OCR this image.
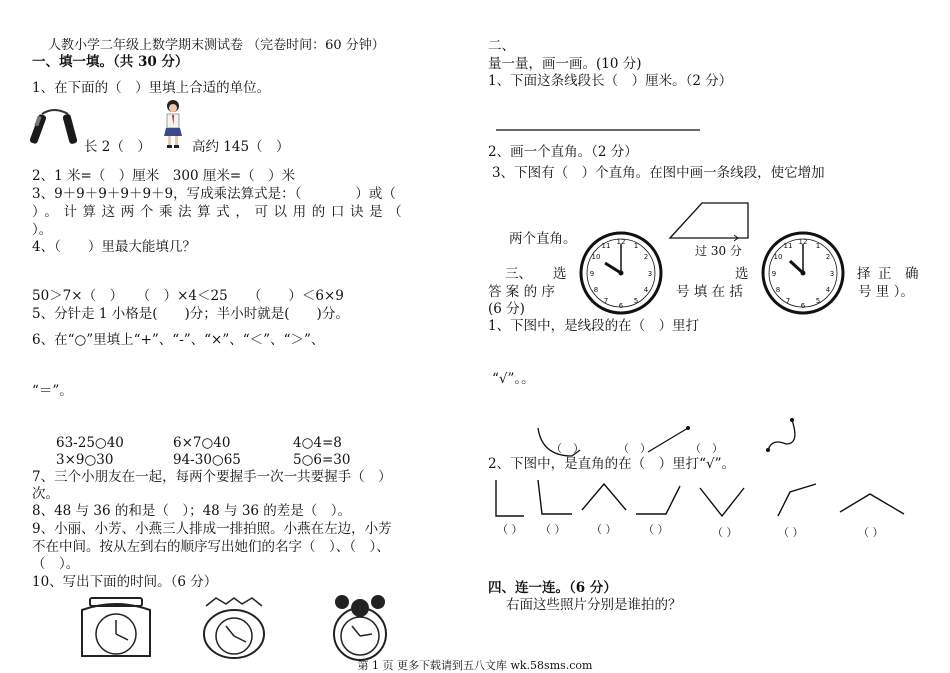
人教小学二年级上数学期末测试卷 （完卷时间：60 分钟）
一、填一填。（共 30 分）
1、在下面的（　）里填上合适的单位。
长 2（　）	高约 145（　）
2、1 米=（　）厘米　300 厘米=（　）米
3、9＋9＋9＋9＋9＋9，写成乘法算式是：（　　　　）或（
）。计算这两个乘法算式，可以用的口诀是（
）。
4、（　　）里最大能填几？
50＞7×（　）　　（　）×4＜25　　（　　）＜6×9
5、分针走 1 小格是(　　)分；半小时就是(　　)分。
6、在“○”里填上“+”、“-”、“×”、“＜”、“＞”、
“＝”。
63-25○40	6×7○40	4○4=8
3×9○30	94-30○65	5○6=30
7、三个小朋友在一起，每两个要握手一次一共要握手（　）
次。
8、48 与 36 的和是（　）；48 与 36 的差是（　）。
9、小丽、小芳、小燕三人排成一排拍照。小燕在左边，小芳
不在中间。按从左到右的顺序写出她们的名字（　）、（　）、
（　）。
10、写出下面的时间。（6 分）
二、
量一量，画一画。(10 分)
1、下面这条线段长（　）厘米。（2 分）
2、画一个直角。（2 分）
3、下图有（　）个直角。在图中画一条线段，使它增加
过 30 分
两个直角。	12 1
2
3
4
5
6
7
8
9
10
11	12 1
2
3
4
5
6
7
8
9
10
11
三、 选	选	择 正　确
答 案 的 序	号 填 在 括	号 里 ）。
(6 分)
1、下图中，是线段的在（　）里打
“√”。。
（　）	（　）	（　）
2、下图中，是直角的在（　）里打“√”。
（ ） （ ） （ ） （ ）	（ ）	（ ）	（ ）
四、连一连。（6 分）
右面这些照片分别是谁拍的？
第 1 页 更多下载请到五八文库 wk.58sms.com
